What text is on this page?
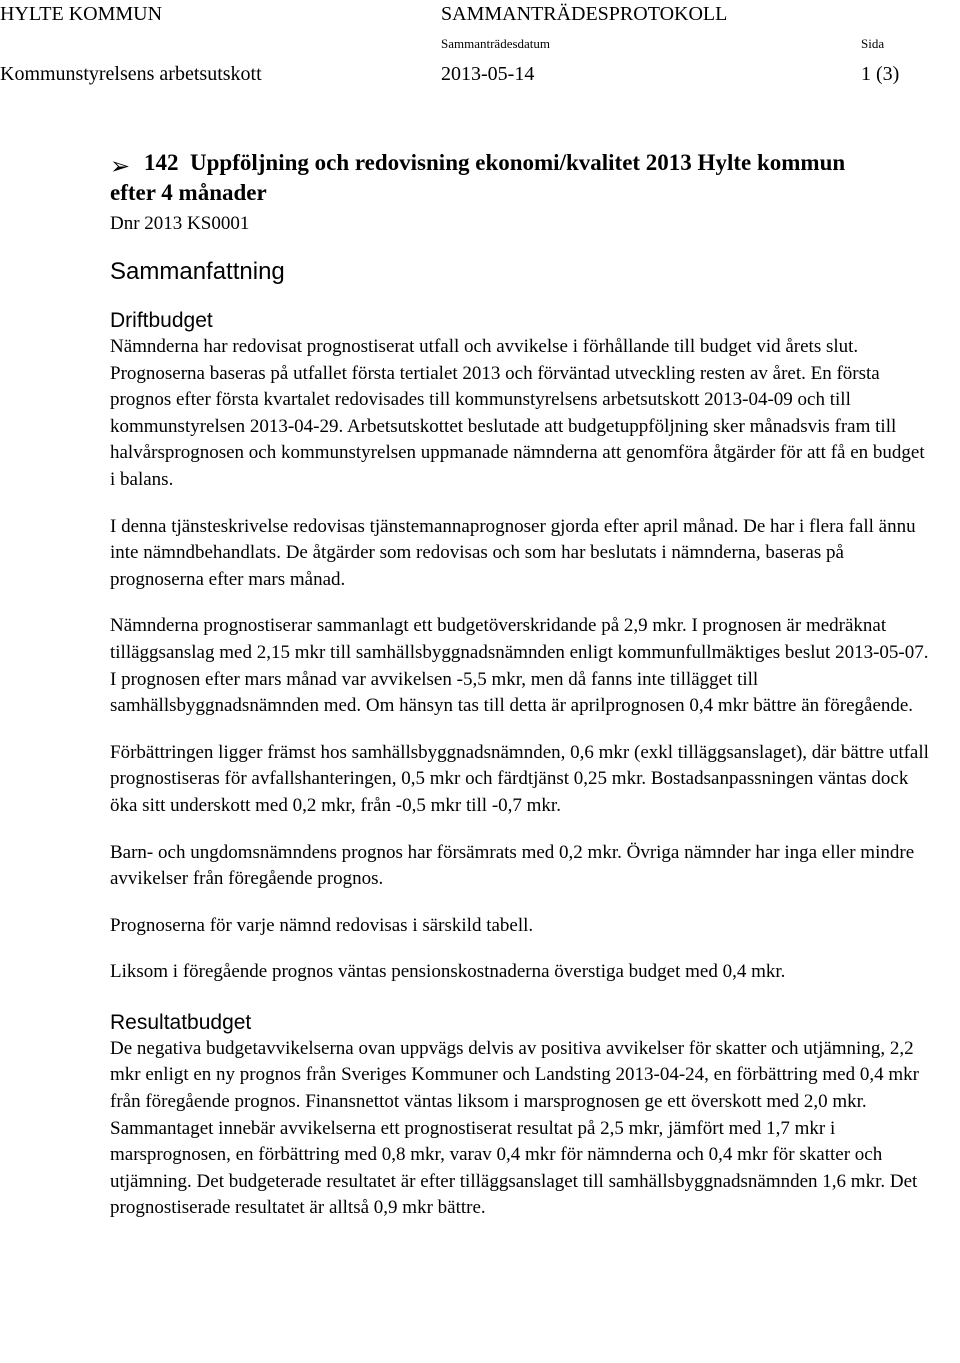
HYLTE KOMMUN	SAMMANTRÄDESPROTOKOLL
Sammanträdesdatum	Sida
Kommunstyrelsens arbetsutskott	2013-05-14	1 (3)
➢ 142 Uppföljning och redovisning ekonomi/kvalitet 2013 Hylte kommun
efter 4 månader
Dnr 2013 KS0001
Sammanfattning
Driftbudget

Nämnderna har redovisat prognostiserat utfall och avvikelse i förhållande till budget vid årets slut. Prognoserna baseras på utfallet första tertialet 2013 och förväntad utveckling resten av året. En första prognos efter första kvartalet redovisades till kommunstyrelsens arbetsutskott 2013-04-09 och till kommunstyrelsen 2013-04-29. Arbetsutskottet beslutade att budgetuppföljning sker månadsvis fram till halvårsprognosen och kommunstyrelsen uppmanade nämnderna att genomföra åtgärder för att få en budget i balans.

I denna tjänsteskrivelse redovisas tjänstemannaprognoser gjorda efter april månad. De har i flera fall ännu inte nämndbehandlats. De åtgärder som redovisas och som har beslutats i nämnderna, baseras på prognoserna efter mars månad.

Nämnderna prognostiserar sammanlagt ett budgetöverskridande på 2,9 mkr. I prognosen är medräknat tilläggsanslag med 2,15 mkr till samhällsbyggnadsnämnden enligt kommunfullmäktiges beslut 2013-05-07. I prognosen efter mars månad var avvikelsen -5,5 mkr, men då fanns inte tillägget till samhällsbyggnadsnämnden med. Om hänsyn tas till detta är aprilprognosen 0,4 mkr bättre än föregående.

Förbättringen ligger främst hos samhällsbyggnadsnämnden, 0,6 mkr (exkl tilläggsanslaget), där bättre utfall prognostiseras för avfallshanteringen, 0,5 mkr och färdtjänst 0,25 mkr. Bostadsanpassningen väntas dock öka sitt underskott med 0,2 mkr, från -0,5 mkr till -0,7 mkr.

Barn- och ungdomsnämndens prognos har försämrats med 0,2 mkr. Övriga nämnder har inga eller mindre avvikelser från föregående prognos.

Prognoserna för varje nämnd redovisas i särskild tabell.

Liksom i föregående prognos väntas pensionskostnaderna överstiga budget med 0,4 mkr.

Resultatbudget

De negativa budgetavvikelserna ovan uppvägs delvis av positiva avvikelser för skatter och utjämning, 2,2 mkr enligt en ny prognos från Sveriges Kommuner och Landsting 2013-04-24, en förbättring med 0,4 mkr från föregående prognos. Finansnettot väntas liksom i marsprognosen ge ett överskott med 2,0 mkr. Sammantaget innebär avvikelserna ett prognostiserat resultat på 2,5 mkr, jämfört med 1,7 mkr i marsprognosen, en förbättring med 0,8 mkr, varav 0,4 mkr för nämnderna och 0,4 mkr för skatter och utjämning. Det budgeterade resultatet är efter tilläggsanslaget till samhällsbyggnadsnämnden 1,6 mkr. Det prognostiserade resultatet är alltså 0,9 mkr bättre.
